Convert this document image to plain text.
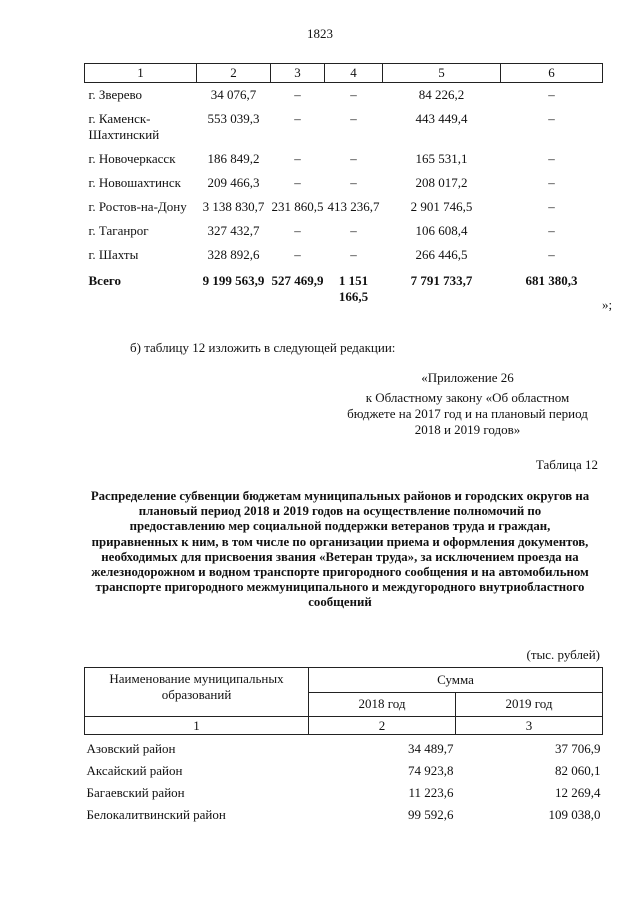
1823
1	2	3	4	5	6
г. Зверево	34 076,7	–	–	84 226,2	–
г. Каменск-Шахтинский	553 039,3	–	–	443 449,4	–
г. Новочеркасск	186 849,2	–	–	165 531,1	–
г. Новошахтинск	209 466,3	–	–	208 017,2	–
г. Ростов-на-Дону	3 138 830,7	231 860,5	413 236,7	2 901 746,5	–
г. Таганрог	327 432,7	–	–	106 608,4	–
г. Шахты	328 892,6	–	–	266 446,5	–
Всего	9 199 563,9	527 469,9	1 151 166,5	7 791 733,7	681 380,3
»;
б) таблицу 12 изложить в следующей редакции:
«Приложение 26
к Областному закону «Об областном бюджете на 2017 год и на плановый период 2018 и 2019 годов»
Таблица 12
Распределение субвенции бюджетам муниципальных районов и городских округов на плановый период 2018 и 2019 годов на осуществление полномочий по предоставлению мер социальной поддержки ветеранов труда и граждан, приравненных к ним, в том числе по организации приема и оформления документов, необходимых для присвоения звания «Ветеран труда», за исключением проезда на железнодорожном и водном транспорте пригородного сообщения и на автомобильном транспорте пригородного межмуниципального и междугородного внутриобластного сообщений
(тыс. рублей)
Наименование муниципальных образований	Сумма	
	2018 год	2019 год
1	2	3
Азовский район	34 489,7	37 706,9
Аксайский район	74 923,8	82 060,1
Багаевский район	11 223,6	12 269,4
Белокалитвинский район	99 592,6	109 038,0
